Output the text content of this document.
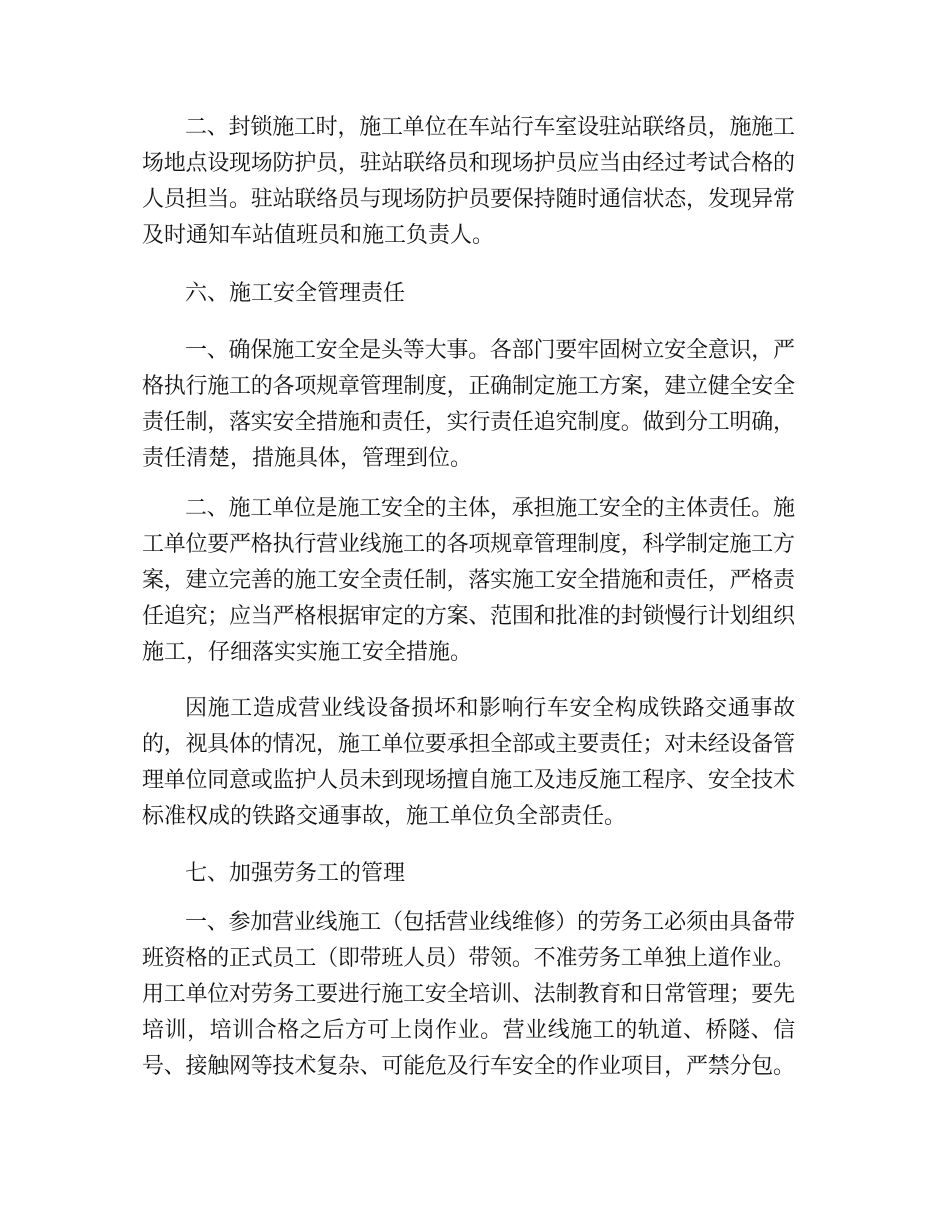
二、封锁施工时，施工单位在车站行车室设驻站联络员，施施工

场地点设现场防护员，驻站联络员和现场护员应当由经过考试合格的

人员担当。驻站联络员与现场防护员要保持随时通信状态，发现异常

及时通知车站值班员和施工负责人。

六、施工安全管理责任

一、确保施工安全是头等大事。各部门要牢固树立安全意识，严

格执行施工的各项规章管理制度，正确制定施工方案，建立健全安全

责任制，落实安全措施和责任，实行责任追究制度。做到分工明确，

责任清楚，措施具体，管理到位。

二、施工单位是施工安全的主体，承担施工安全的主体责任。施

工单位要严格执行营业线施工的各项规章管理制度，科学制定施工方

案，建立完善的施工安全责任制，落实施工安全措施和责任，严格责

任追究；应当严格根据审定的方案、范围和批准的封锁慢行计划组织

施工，仔细落实实施工安全措施。

因施工造成营业线设备损坏和影响行车安全构成铁路交通事故

的，视具体的情况，施工单位要承担全部或主要责任；对未经设备管

理单位同意或监护人员未到现场擅自施工及违反施工程序、安全技术

标准权成的铁路交通事故，施工单位负全部责任。

七、加强劳务工的管理

一、参加营业线施工（包括营业线维修）的劳务工必须由具备带

班资格的正式员工（即带班人员）带领。不准劳务工单独上道作业。

用工单位对劳务工要进行施工安全培训、法制教育和日常管理；要先

培训，培训合格之后方可上岗作业。营业线施工的轨道、桥隧、信

号、接触网等技术复杂、可能危及行车安全的作业项目，严禁分包。
